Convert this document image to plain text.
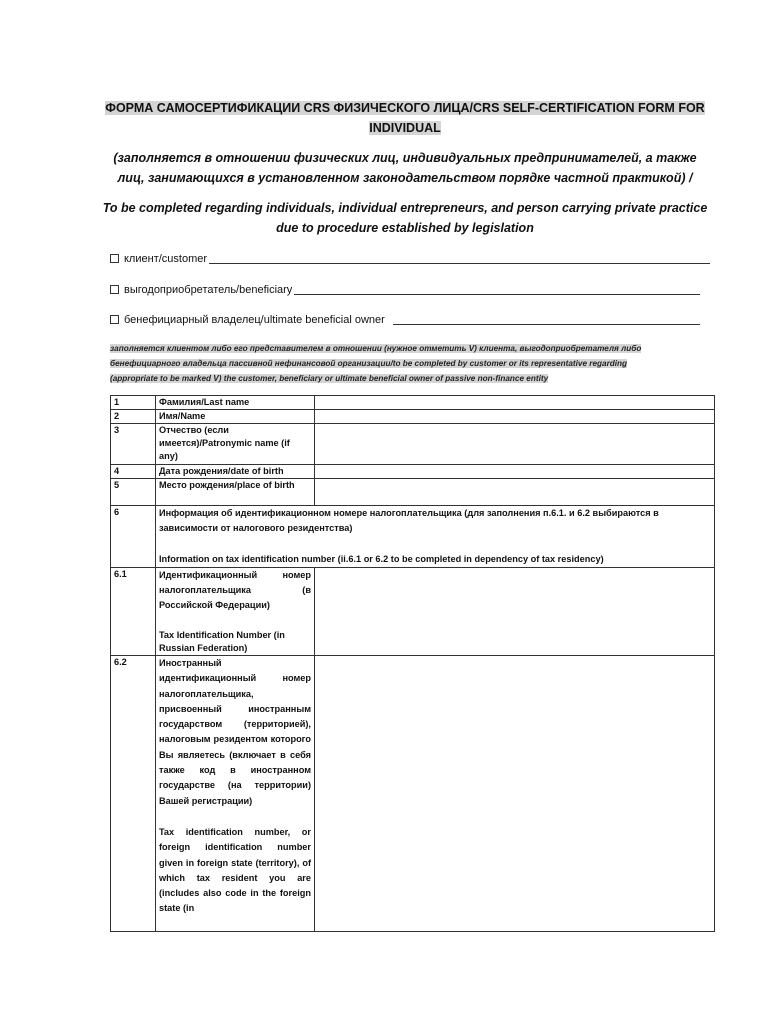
ФОРМА САМОСЕРТИФИКАЦИИ CRS ФИЗИЧЕСКОГО ЛИЦА/CRS SELF-CERTIFICATION FORM FOR
INDIVIDUAL
(заполняется в отношении физических лиц, индивидуальных предпринимателей, а также
лиц, занимающихся в установленном законодательством порядке частной практикой) /
To be completed regarding individuals, individual entrepreneurs, and person carrying private practice
due to procedure established by legislation
клиент/customer
выгодоприобретатель/beneficiary
бенефициарный владелец/ultimate beneficial owner
заполняется клиентом либо его представителем в отношении (нужное отметить V) клиента, выгодоприобретателя либо
бенефициарного владельца пассивной нефинансовой организации/to be completed by customer or its representative regarding
(appropriate to be marked V) the customer, beneficiary or ultimate beneficial owner of passive non-finance entity
1	Фамилия/Last name	
2	Имя/Name	
3	Отчество (если имеется)/Patronymic name (if any)	
4	Дата рождения/date of birth	
5	Место рождения/place of birth	
6	Информация об идентификационном номере налогоплательщика (для заполнения п.6.1. и 6.2 выбираются в зависимости от налогового резидентства)
Information on tax identification number (ii.6.1 or 6.2 to be completed in dependency of tax residency)	
6.1	Идентификационный номер налогоплательщика (в Российской Федерации)
Tax Identification Number (in Russian Federation)	

6.2	Иностранный идентификационный номер налогоплательщика, присвоенный иностранным государством (территорией), налоговым резидентом которого Вы являетесь (включает в себя также код в иностранном государстве (на территории) Вашей регистрации)
Tax identification number, or foreign identification number given in foreign state (territory), of which tax resident you are (includes also code in the foreign state (in	
